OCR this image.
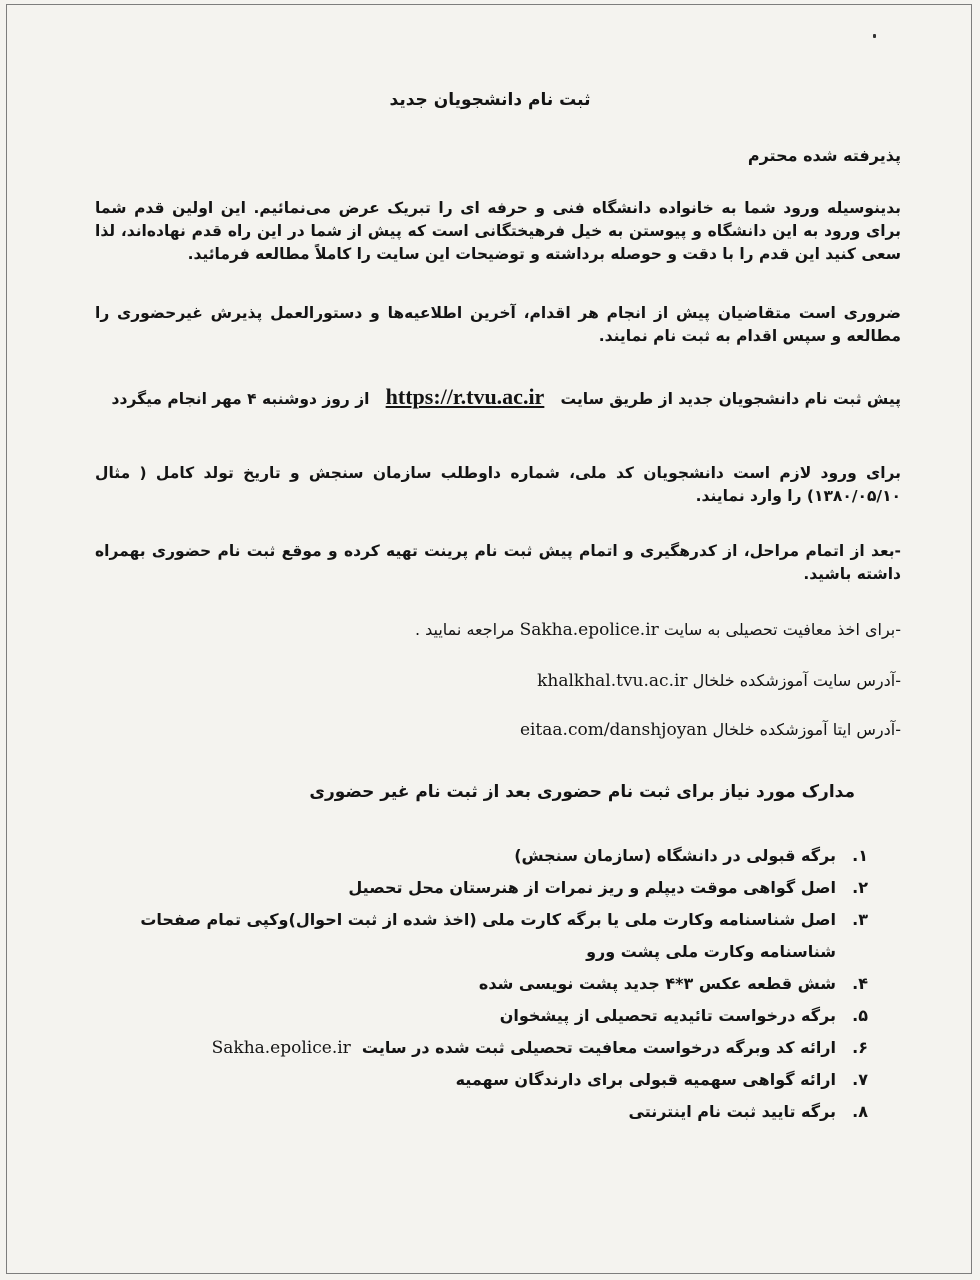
ثبت نام دانشجویان جدید
پذیرفته شده محترم
بدینوسیله ورود شما به خانواده دانشگاه فنی و حرفه ای را تبریک عرض می‌نمائیم. این اولین قدم شما برای ورود به این دانشگاه و پیوستن به خیل فرهیختگانی است که پیش از شما در این راه قدم نهاده‌اند، لذا سعی کنید این قدم را با دقت و حوصله برداشته و توضیحات این سایت را کاملاً مطالعه فرمائید.
ضروری است متقاضیان پیش از انجام هر اقدام، آخرین اطلاعیه‌ها و دستورالعمل پذیرش غیرحضوری را مطالعه و سپس اقدام به ثبت نام نمایند.
پیش ثبت نام دانشجویان جدید از طریق سایت   https://r.tvu.ac.ir   از روز دوشنبه ۴ مهر انجام میگردد
برای ورود لازم است دانشجویان کد ملی، شماره داوطلب سازمان سنجش و تاریخ تولد کامل ( مثال ۱۳۸۰/۰۵/۱۰) را وارد نمایند.
-بعد از اتمام مراحل، از کدرهگیری و اتمام پیش ثبت نام پرینت تهیه کرده و موقع ثبت نام حضوری بهمراه داشته باشید.
-برای اخذ معافیت تحصیلی به سایت Sakha.epolice.ir مراجعه نمایید .
-آدرس سایت آموزشکده خلخال khalkhal.tvu.ac.ir
-آدرس ایتا آموزشکده خلخال eitaa.com/danshjoyan
مدارک مورد نیاز برای ثبت نام حضوری بعد از ثبت نام غیر حضوری
۱.
برگه قبولی در دانشگاه (سازمان سنجش)
۲.
اصل گواهی موقت دیپلم و ریز نمرات از هنرستان محل تحصیل
۳.
اصل شناسنامه وکارت ملی یا برگه کارت ملی (اخذ شده از ثبت احوال)وکپی تمام صفحات شناسنامه وکارت ملی پشت ورو
۴.
شش قطعه عکس ۳*۴ جدید پشت نویسی شده
۵.
برگه درخواست تائیدیه تحصیلی از پیشخوان
۶.
ارائه کد وبرگه درخواست معافیت تحصیلی ثبت شده در سایت  Sakha.epolice.ir
۷.
ارائه گواهی سهمیه قبولی برای دارندگان سهمیه
۸.
برگه تایید ثبت نام اینترنتی
